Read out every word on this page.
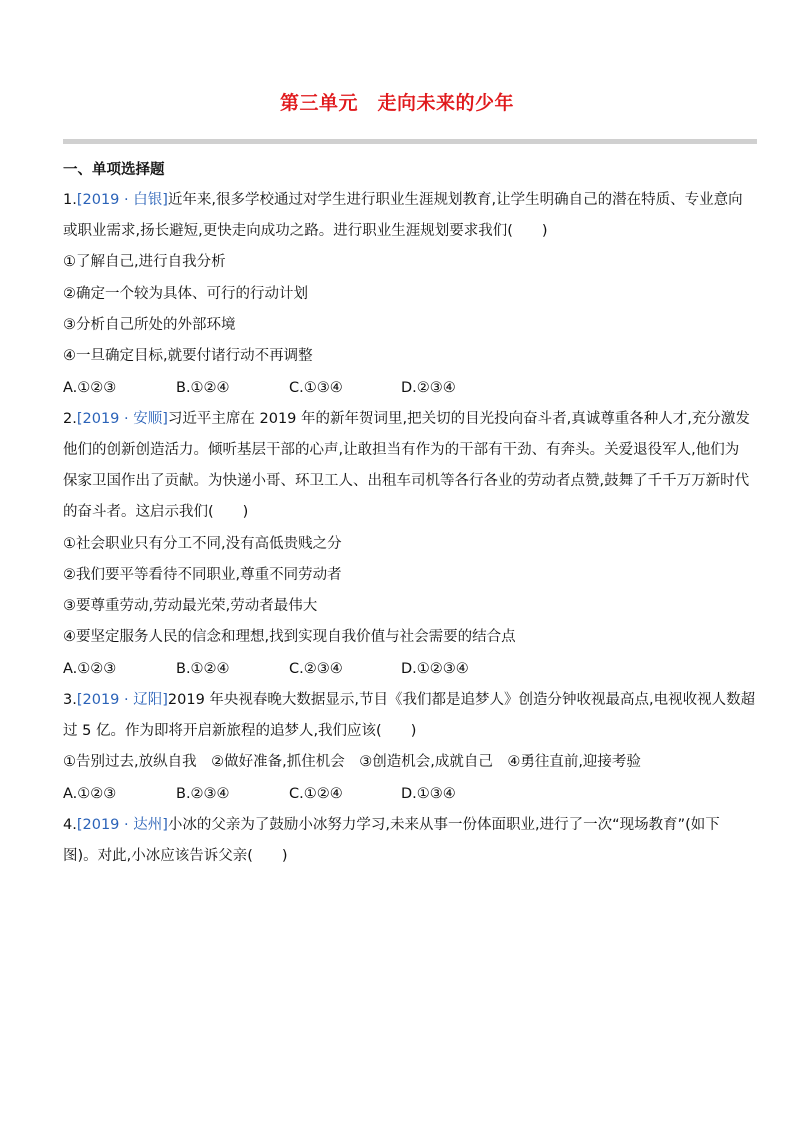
第三单元　走向未来的少年
一、单项选择题
1.[2019 · 白银]近年来,很多学校通过对学生进行职业生涯规划教育,让学生明确自己的潜在特质、专业意向
或职业需求,扬长避短,更快走向成功之路。进行职业生涯规划要求我们(　　)
①了解自己,进行自我分析
②确定一个较为具体、可行的行动计划
③分析自己所处的外部环境
④一旦确定目标,就要付诸行动不再调整
A.①②③	B.①②④	C.①③④	D.②③④
2.[2019 · 安顺]习近平主席在 2019 年的新年贺词里,把关切的目光投向奋斗者,真诚尊重各种人才,充分激发
他们的创新创造活力。倾听基层干部的心声,让敢担当有作为的干部有干劲、有奔头。关爱退役军人,他们为
保家卫国作出了贡献。为快递小哥、环卫工人、出租车司机等各行各业的劳动者点赞,鼓舞了千千万万新时代
的奋斗者。这启示我们(　　)
①社会职业只有分工不同,没有高低贵贱之分
②我们要平等看待不同职业,尊重不同劳动者
③要尊重劳动,劳动最光荣,劳动者最伟大
④要坚定服务人民的信念和理想,找到实现自我价值与社会需要的结合点
A.①②③	B.①②④	C.②③④	D.①②③④
3.[2019 · 辽阳]2019 年央视春晚大数据显示,节目《我们都是追梦人》创造分钟收视最高点,电视收视人数超
过 5 亿。作为即将开启新旅程的追梦人,我们应该(　　)
①告别过去,放纵自我　②做好准备,抓住机会　③创造机会,成就自己　④勇往直前,迎接考验
A.①②③	B.②③④	C.①②④	D.①③④
4.[2019 · 达州]小冰的父亲为了鼓励小冰努力学习,未来从事一份体面职业,进行了一次“现场教育”(如下
图)。对此,小冰应该告诉父亲(　　)
